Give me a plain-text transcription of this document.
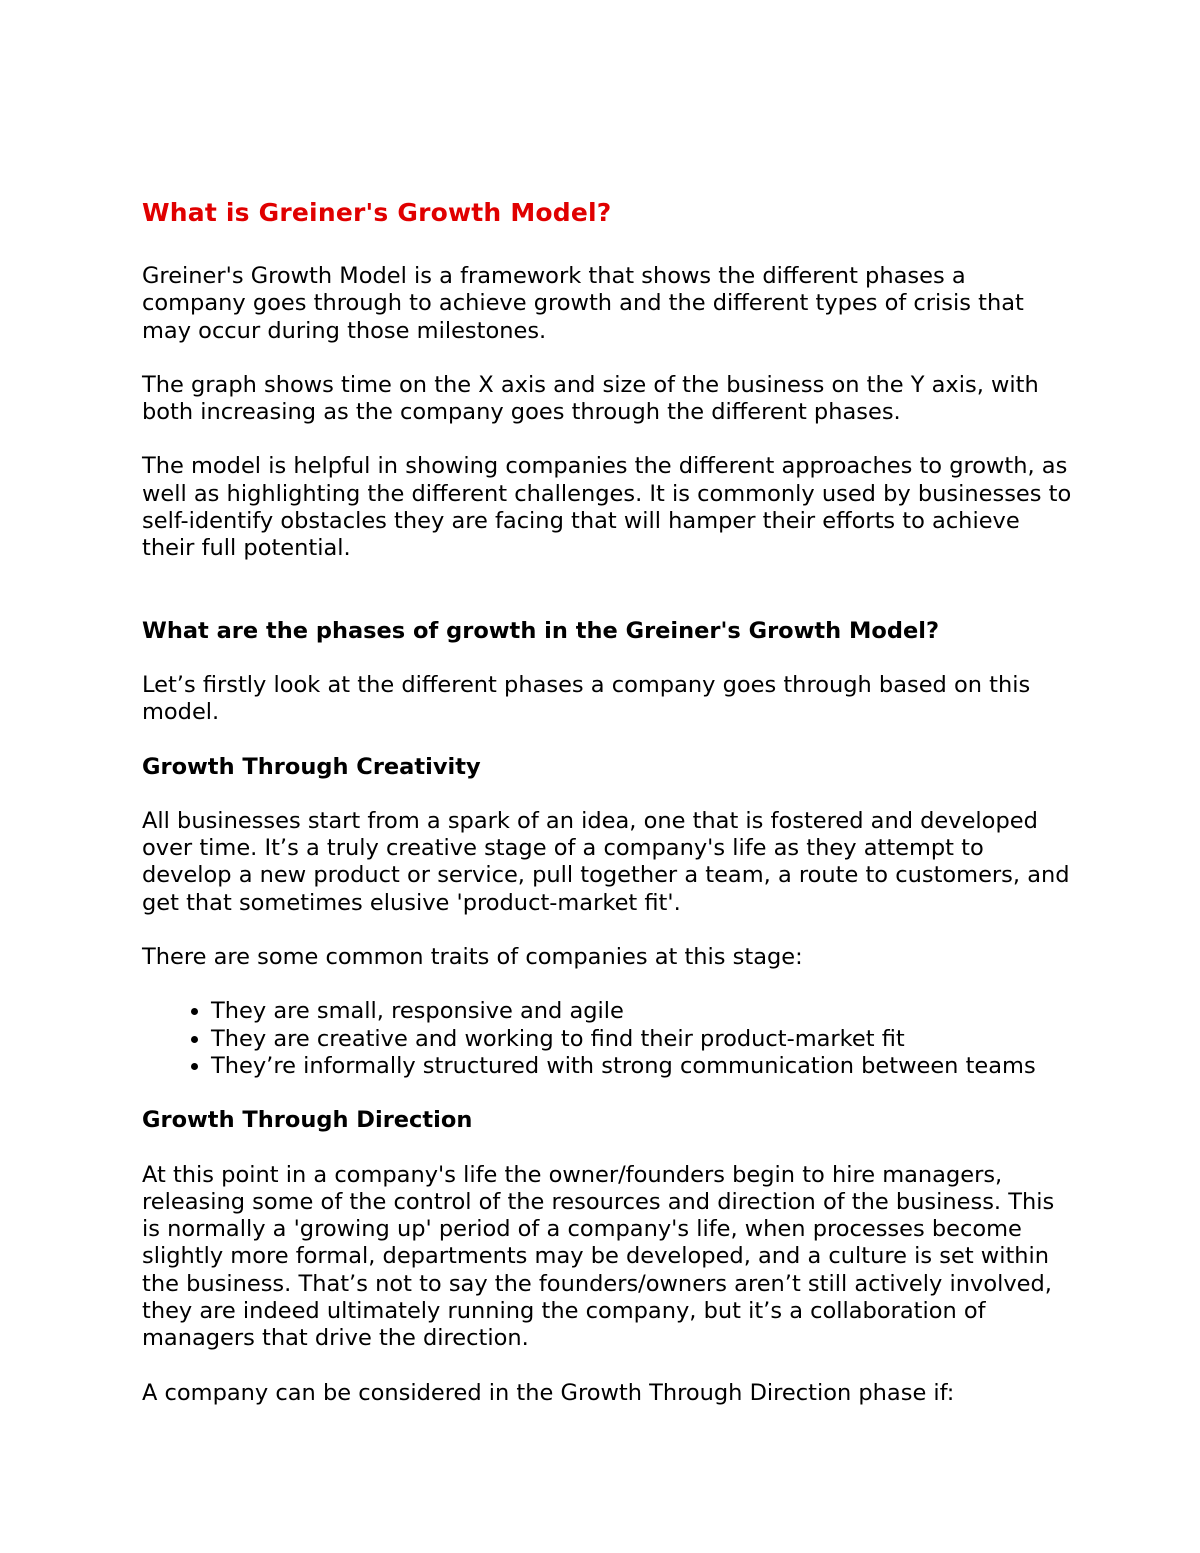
What is Greiner's Growth Model?

Greiner's Growth Model is a framework that shows the different phases a company goes through to achieve growth and the different types of crisis that may occur during those milestones.

The graph shows time on the X axis and size of the business on the Y axis, with both increasing as the company goes through the different phases.

The model is helpful in showing companies the different approaches to growth, as well as highlighting the different challenges. It is commonly used by businesses to self-identify obstacles they are facing that will hamper their efforts to achieve their full potential.

What are the phases of growth in the Greiner's Growth Model?

Let’s firstly look at the different phases a company goes through based on this model.

Growth Through Creativity

All businesses start from a spark of an idea, one that is fostered and developed over time. It’s a truly creative stage of a company's life as they attempt to develop a new product or service, pull together a team, a route to customers, and get that sometimes elusive 'product-market fit'.

There are some common traits of companies at this stage:

• They are small, responsive and agile
• They are creative and working to find their product-market fit
• They’re informally structured with strong communication between teams
Growth Through Direction

At this point in a company's life the owner/founders begin to hire managers, releasing some of the control of the resources and direction of the business. This is normally a 'growing up' period of a company's life, when processes become slightly more formal, departments may be developed, and a culture is set within the business. That’s not to say the founders/owners aren’t still actively involved, they are indeed ultimately running the company, but it’s a collaboration of managers that drive the direction.

A company can be considered in the Growth Through Direction phase if:
